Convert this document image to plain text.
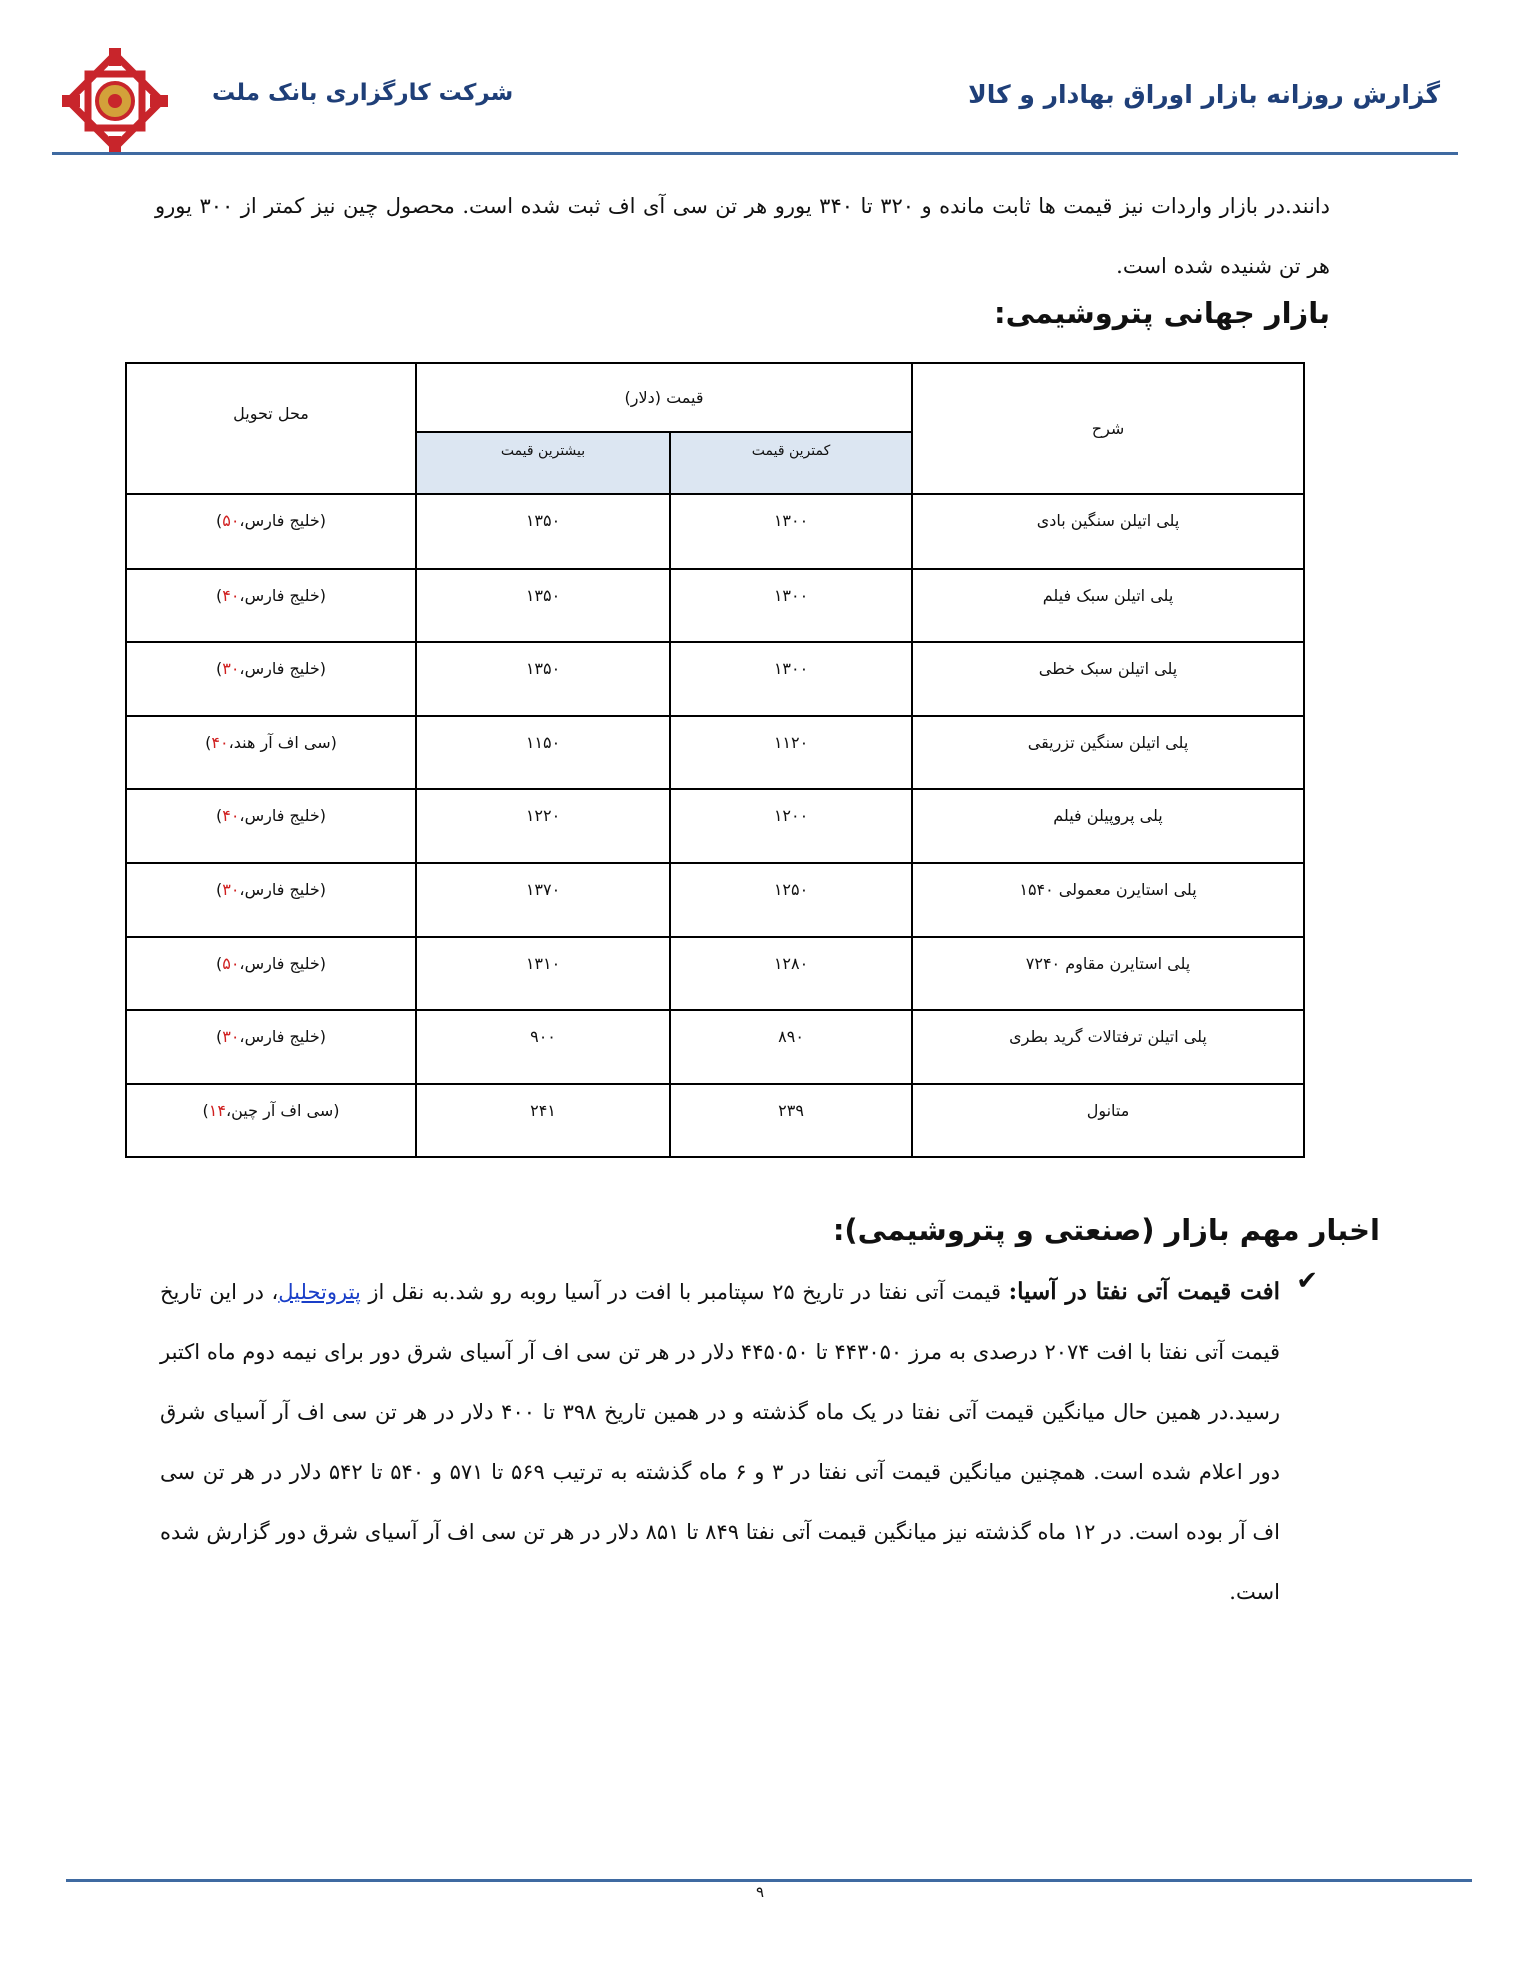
شرکت کارگزاری بانک ملت	گزارش روزانه بازار اوراق بهادار و کالا
دانند.در بازار واردات نیز قیمت ها ثابت مانده و ۳۲۰ تا ۳۴۰ یورو هر تن سی آی اف ثبت شده است. محصول چین نیز کمتر از ۳۰۰ یورو هر تن شنیده شده است.
بازار جهانی پتروشیمی:
شرح	قیمت (دلار)		محل تحویل
	کمترین قیمت	بیشترین قیمت	
پلی اتیلن سنگین بادی	۱۳۰۰	۱۳۵۰	(خلیج فارس،۵۰)
پلی اتیلن سبک فیلم	۱۳۰۰	۱۳۵۰	(خلیج فارس،۴۰)
پلی اتیلن سبک خطی	۱۳۰۰	۱۳۵۰	(خلیج فارس،۳۰)
پلی اتیلن سنگین تزریقی	۱۱۲۰	۱۱۵۰	(سی اف آر هند،۴۰)
پلی پروپیلن فیلم	۱۲۰۰	۱۲۲۰	(خلیج فارس،۴۰)
پلی استایرن معمولی ۱۵۴۰	۱۲۵۰	۱۳۷۰	(خلیج فارس،۳۰)
پلی استایرن مقاوم ۷۲۴۰	۱۲۸۰	۱۳۱۰	(خلیج فارس،۵۰)
پلی اتیلن ترفتالات گرید بطری	۸۹۰	۹۰۰	(خلیج فارس،۳۰)
متانول	۲۳۹	۲۴۱	(سی اف آر چین،۱۴)
اخبار مهم بازار (صنعتی و پتروشیمی):
✔
افت قیمت آتی نفتا در آسیا: قیمت آتی نفتا در تاریخ ۲۵ سپتامبر با افت در آسیا روبه رو شد.به نقل از پتروتحلیل، در این تاریخ قیمت آتی نفتا با افت ۲۰۷۴ درصدی به مرز ۴۴۳۰۵۰ تا ۴۴۵۰۵۰ دلار در هر تن سی اف آر آسیای شرق دور برای نیمه دوم ماه اکتبر رسید.در همین حال میانگین قیمت آتی نفتا در یک ماه گذشته و در همین تاریخ ۳۹۸ تا ۴۰۰ دلار در هر تن سی اف آر آسیای شرق دور اعلام شده است. همچنین میانگین قیمت آتی نفتا در ۳ و ۶ ماه گذشته به ترتیب ۵۶۹ تا ۵۷۱ و ۵۴۰ تا ۵۴۲ دلار در هر تن سی اف آر بوده است. در ۱۲ ماه گذشته نیز میانگین قیمت آتی نفتا ۸۴۹ تا ۸۵۱ دلار در هر تن سی اف آر آسیای شرق دور گزارش شده است.
۹
